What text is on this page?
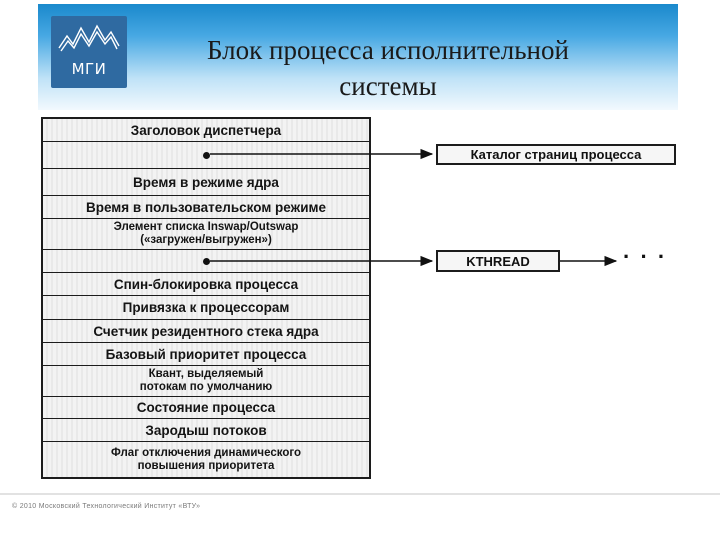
МГИ
Блок процесса исполнительной
системы
Заголовок диспетчера
Время в режиме ядра
Время в пользовательском режиме
Элемент списка Inswap/Outswap
(«загружен/выгружен»)
Спин-блокировка процесса
Привязка к процессорам
Счетчик резидентного стека ядра
Базовый приоритет процесса
Квант, выделяемый
потокам по умолчанию
Состояние процесса
Зародыш потоков
Флаг отключения динамического
повышения приоритета
Каталог страниц процесса
KTHREAD	· · ·
© 2010 Московский Технологический Институт «ВТУ»
